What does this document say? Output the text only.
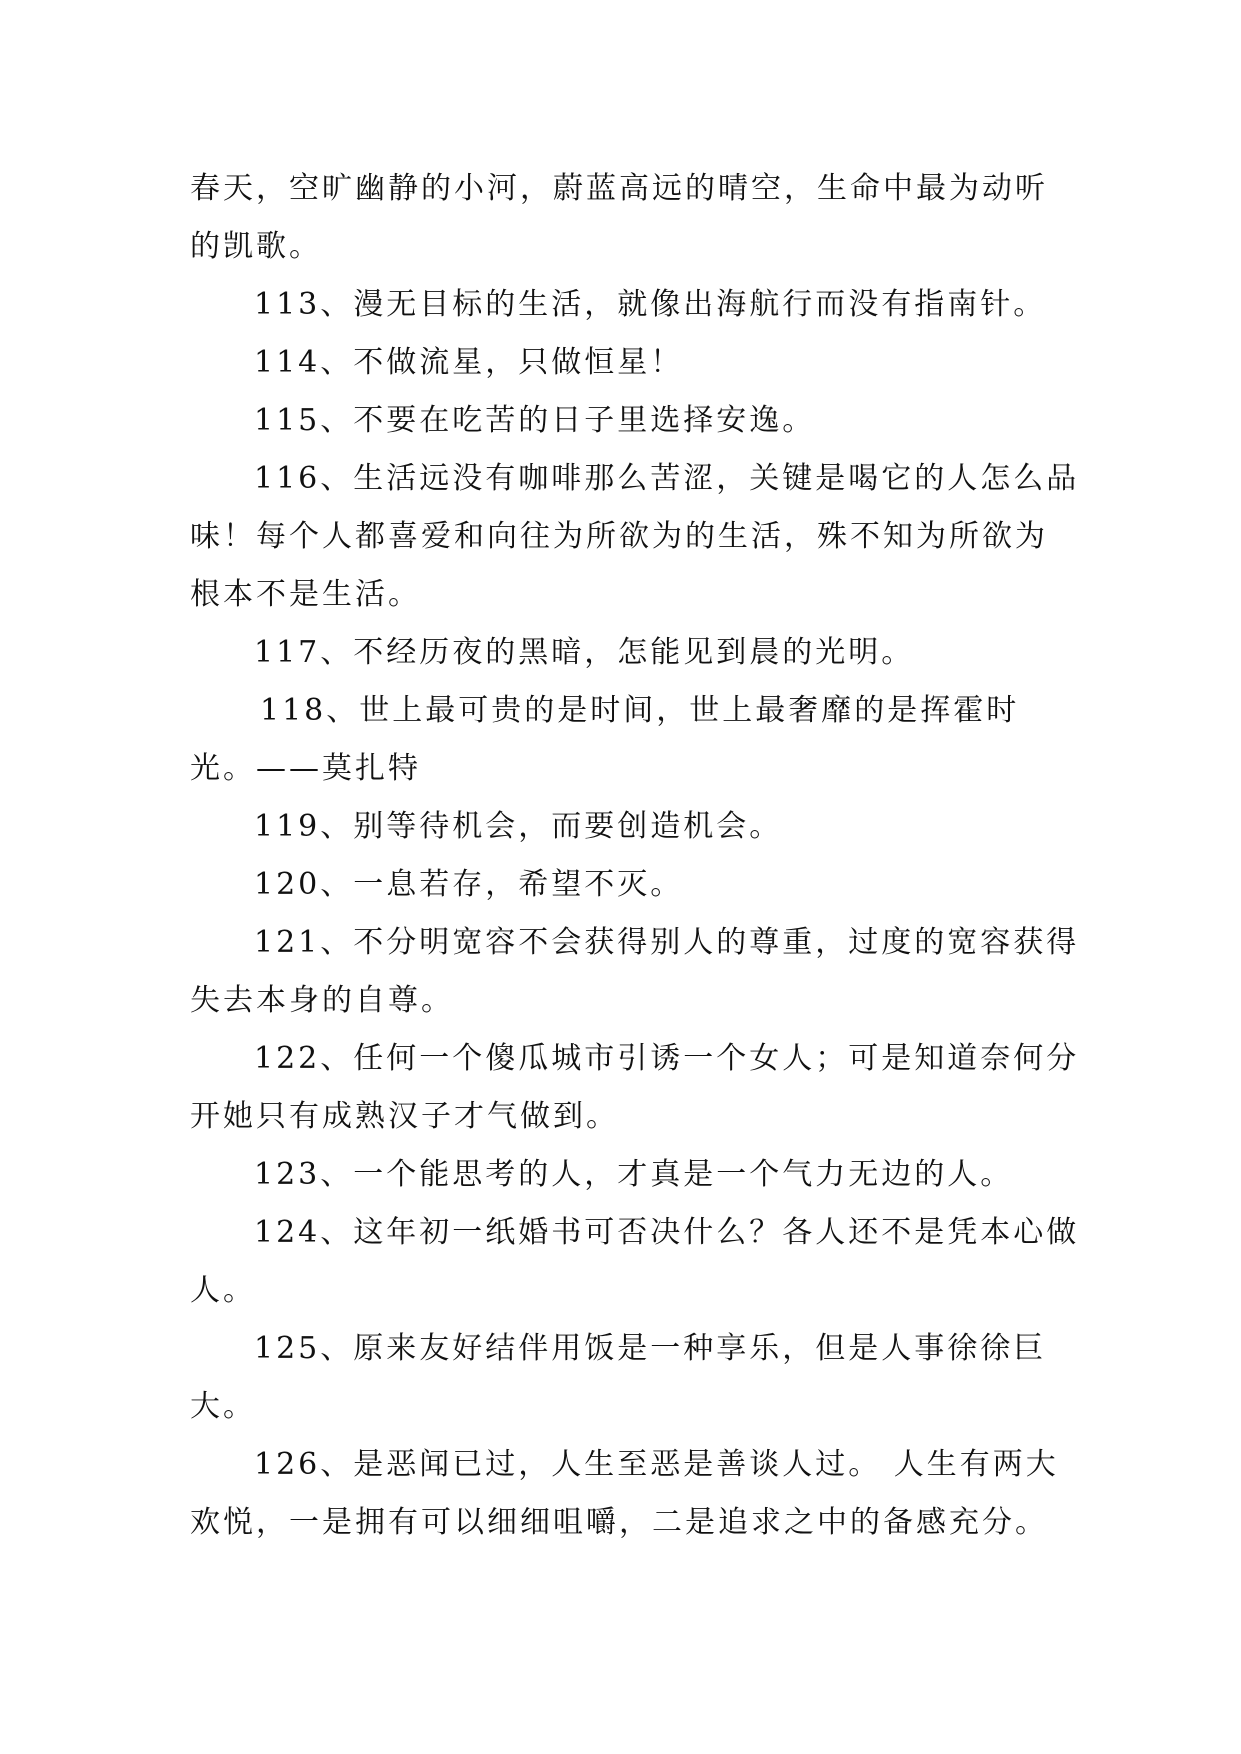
春天，空旷幽静的小河，蔚蓝高远的晴空，生命中最为动听的凯歌。

113、漫无目标的生活，就像出海航行而没有指南针。

114、不做流星，只做恒星！

115、不要在吃苦的日子里选择安逸。

116、生活远没有咖啡那么苦涩，关键是喝它的人怎么品味！每个人都喜爱和向往为所欲为的生活，殊不知为所欲为根本不是生活。

117、不经历夜的黑暗，怎能见到晨的光明。

118、世上最可贵的是时间，世上最奢靡的是挥霍时光。——莫扎特

119、别等待机会，而要创造机会。

120、一息若存，希望不灭。

121、不分明宽容不会获得别人的尊重，过度的宽容获得失去本身的自尊。

122、任何一个傻瓜城市引诱一个女人；可是知道奈何分开她只有成熟汉子才气做到。

123、一个能思考的人，才真是一个气力无边的人。

124、这年初一纸婚书可否决什么？各人还不是凭本心做人。

125、原来友好结伴用饭是一种享乐，但是人事徐徐巨大。

126、是恶闻已过，人生至恶是善谈人过。 人生有两大欢悦，一是拥有可以细细咀嚼，二是追求之中的备感充分。
